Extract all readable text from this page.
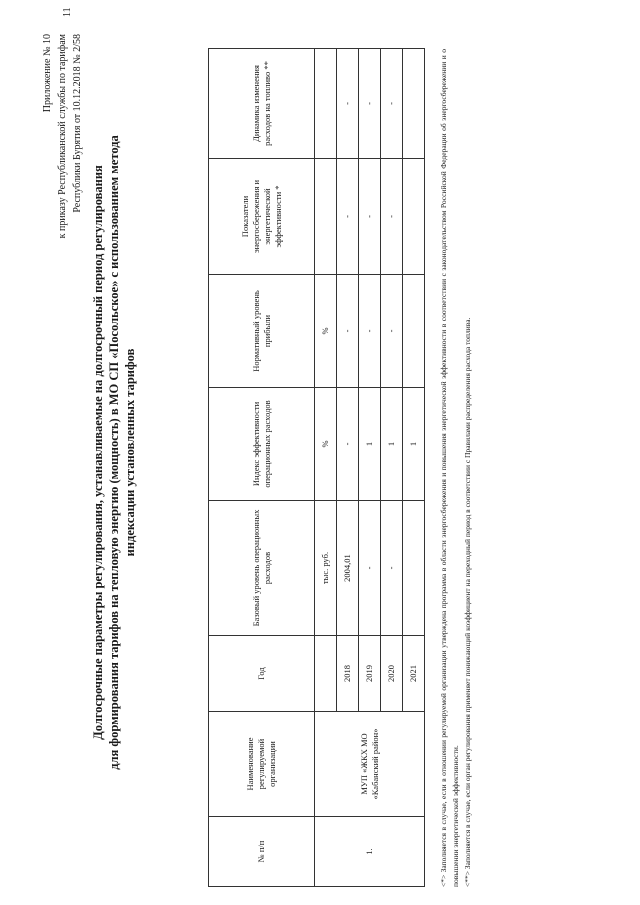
Приложение № 10 к приказу Республиканской службы по тарифам Республики Бурятия от 10.12.2018 № 2/58
Долгосрочные параметры регулирования, устанавливаемые на долгосрочный период регулирования для формирования тарифов на тепловую энергию (мощность) в МО СП «Посольское» с использованием метода индексации установленных тарифов
№ п/п	Наименование регулируемой организации	Год	Базовый уровень операционных расходов	Индекс эффективности операционных расходов	Нормативный уровень прибыли	Показатели энергосбережения и энергетической эффективности *	Динамика изменения расходов на топливо **
1.	МУП «ЖКХ МО «Кабанский район»		тыс. руб.	%	%		
		2018	2004,01	-	-	-	-
		2019	-	1	-	-	-
		2020	-	1	-	-	-
		2021		1				<*> Заполняется в случае, если в отношении регулируемой организации утверждена программа в области энергосбережения и повышения энергетической эффективности в соответствии с законодательством Российской Федерации об энергосбережении и о повышении энергетической эффективности. <**> Заполняется в случае, если орган регулирования применяет понижающий коэффициент на переходный период в соответствии с Правилами распределения расхода топлива.

11
